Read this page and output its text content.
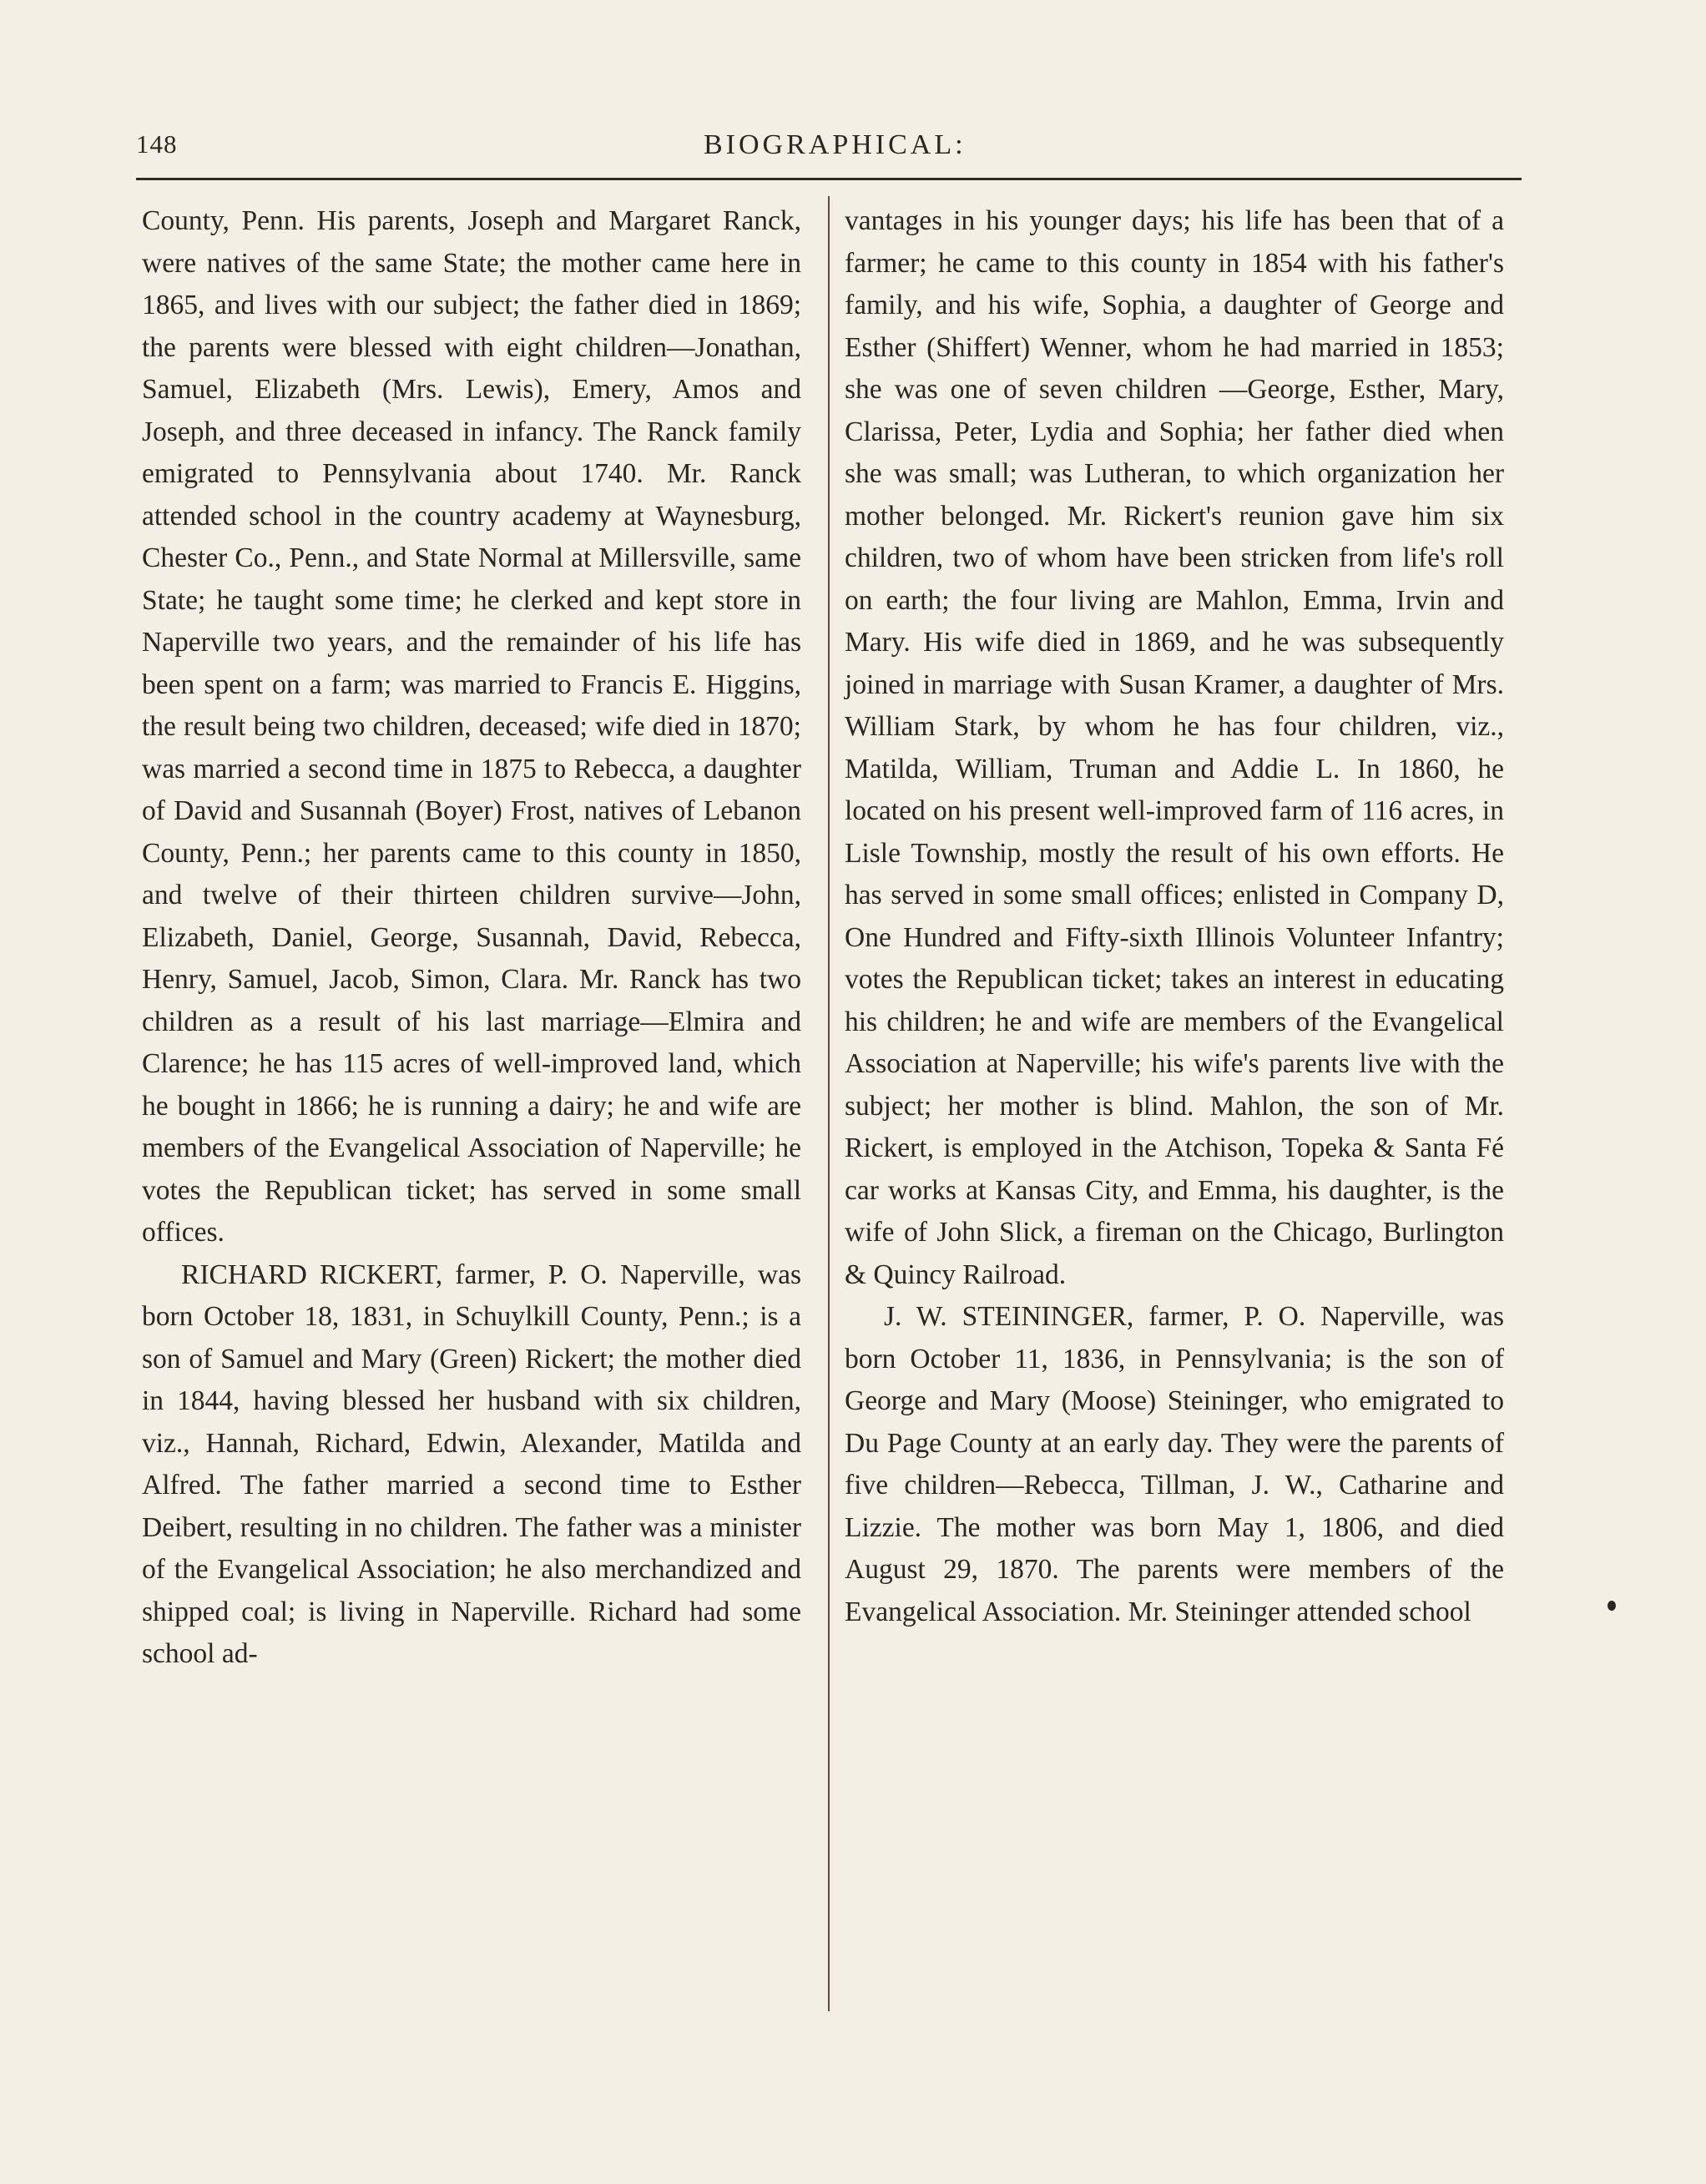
148	BIOGRAPHICAL:

County, Penn. His parents, Joseph and Margaret Ranck, were natives of the same State; the mother came here in 1865, and lives with our subject; the father died in 1869; the parents were blessed with eight children—Jonathan, Samuel, Elizabeth (Mrs. Lewis), Emery, Amos and Joseph, and three deceased in infancy. The Ranck family emigrated to Pennsylvania about 1740. Mr. Ranck attended school in the country academy at Waynesburg, Chester Co., Penn., and State Normal at Millersville, same State; he taught some time; he clerked and kept store in Naperville two years, and the remainder of his life has been spent on a farm; was married to Francis E. Higgins, the result being two children, deceased; wife died in 1870; was married a second time in 1875 to Rebecca, a daughter of David and Susannah (Boyer) Frost, natives of Lebanon County, Penn.; her parents came to this county in 1850, and twelve of their thirteen children survive—John, Elizabeth, Daniel, George, Susannah, David, Rebecca, Henry, Samuel, Jacob, Simon, Clara. Mr. Ranck has two children as a result of his last marriage—Elmira and Clarence; he has 115 acres of well-improved land, which he bought in 1866; he is running a dairy; he and wife are members of the Evangelical Association of Naperville; he votes the Republican ticket; has served in some small offices.

RICHARD RICKERT, farmer, P. O. Naperville, was born October 18, 1831, in Schuylkill County, Penn.; is a son of Samuel and Mary (Green) Rickert; the mother died in 1844, having blessed her husband with six children, viz., Hannah, Richard, Edwin, Alexander, Matilda and Alfred. The father married a second time to Esther Deibert, resulting in no children. The father was a minister of the Evangelical Association; he also merchandized and shipped coal; is living in Naperville. Richard had some school ad-

vantages in his younger days; his life has been that of a farmer; he came to this county in 1854 with his father's family, and his wife, Sophia, a daughter of George and Esther (Shiffert) Wenner, whom he had married in 1853; she was one of seven children —George, Esther, Mary, Clarissa, Peter, Lydia and Sophia; her father died when she was small; was Lutheran, to which organization her mother belonged. Mr. Rickert's reunion gave him six children, two of whom have been stricken from life's roll on earth; the four living are Mahlon, Emma, Irvin and Mary. His wife died in 1869, and he was subsequently joined in marriage with Susan Kramer, a daughter of Mrs. William Stark, by whom he has four children, viz., Matilda, William, Truman and Addie L. In 1860, he located on his present well-improved farm of 116 acres, in Lisle Township, mostly the result of his own efforts. He has served in some small offices; enlisted in Company D, One Hundred and Fifty-sixth Illinois Volunteer Infantry; votes the Republican ticket; takes an interest in educating his children; he and wife are members of the Evangelical Association at Naperville; his wife's parents live with the subject; her mother is blind. Mahlon, the son of Mr. Rickert, is employed in the Atchison, Topeka & Santa Fé car works at Kansas City, and Emma, his daughter, is the wife of John Slick, a fireman on the Chicago, Burlington & Quincy Railroad.

J. W. STEININGER, farmer, P. O. Naperville, was born October 11, 1836, in Pennsylvania; is the son of George and Mary (Moose) Steininger, who emigrated to Du Page County at an early day. They were the parents of five children—Rebecca, Tillman, J. W., Catharine and Lizzie. The mother was born May 1, 1806, and died August 29, 1870. The parents were members of the Evangelical Association. Mr. Steininger attended school
